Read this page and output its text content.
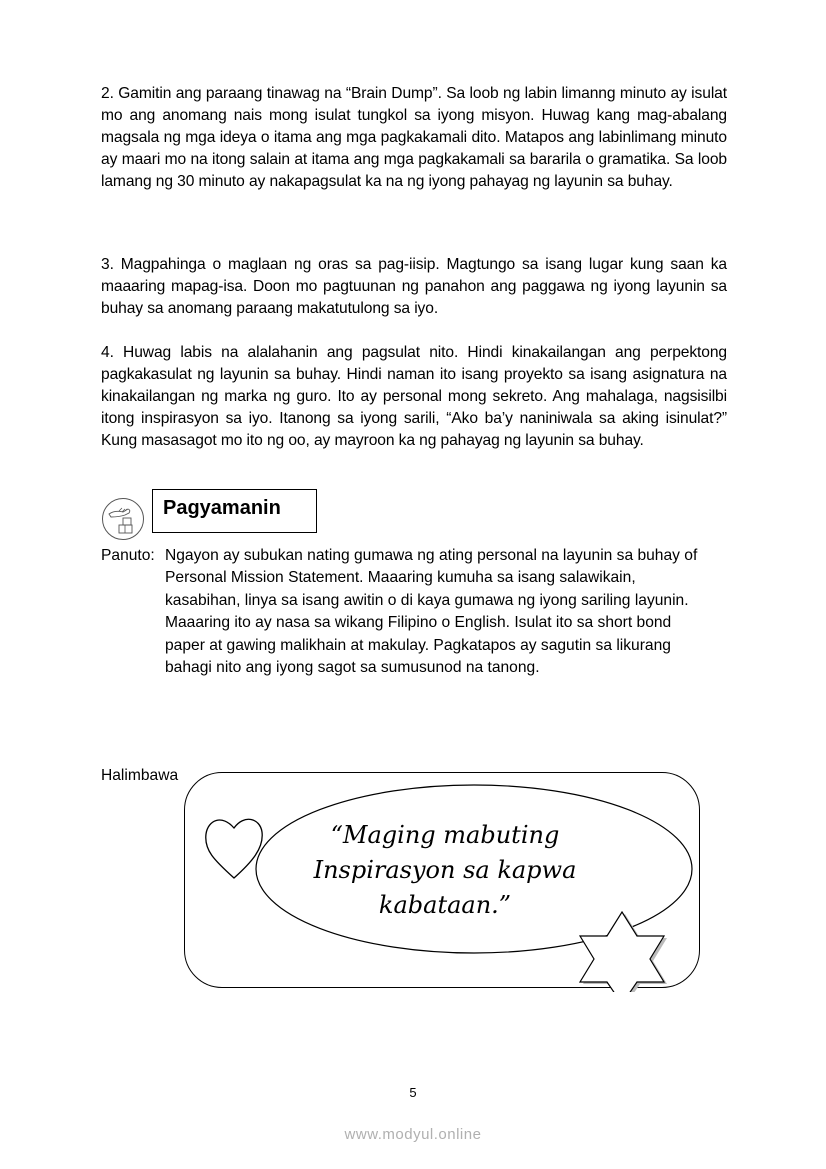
2. Gamitin ang paraang tinawag na “Brain Dump”. Sa loob ng labin limanng minuto ay isulat mo ang anomang nais mong isulat tungkol sa iyong misyon. Huwag kang mag-abalang magsala ng mga ideya o itama ang mga pagkakamali dito. Matapos ang labinlimang minuto ay maari mo na itong salain at itama ang mga pagkakamali sa bararila o gramatika. Sa loob lamang ng 30 minuto ay nakapagsulat ka na ng iyong pahayag ng layunin sa buhay.

3. Magpahinga o maglaan ng oras sa pag-iisip. Magtungo sa isang lugar kung saan ka maaaring mapag-isa. Doon mo pagtuunan ng panahon ang paggawa ng iyong layunin sa buhay sa anomang paraang makatutulong sa iyo.

4. Huwag labis na alalahanin ang pagsulat nito. Hindi kinakailangan ang perpektong pagkakasulat ng layunin sa buhay. Hindi naman ito isang proyekto sa isang asignatura na kinakailangan ng marka ng guro. Ito ay personal mong sekreto. Ang mahalaga, nagsisilbi itong inspirasyon sa iyo. Itanong sa iyong sarili, “Ako ba’y naniniwala sa aking isinulat?” Kung masasagot mo ito ng oo, ay mayroon ka ng pahayag ng layunin sa buhay.

Pagyamanin
Panuto: Ngayon ay subukan nating gumawa ng ating personal na layunin sa buhay of
Personal Mission Statement. Maaaring kumuha sa isang salawikain,
kasabihan, linya sa isang awitin o di kaya gumawa ng iyong sariling layunin.
Maaaring ito ay nasa sa wikang Filipino o English. Isulat ito sa short bond
paper at gawing malikhain at makulay. Pagkatapos ay sagutin sa likurang
bahagi nito ang iyong sagot sa sumusunod na tanong.
Halimbawa
“Maging mabuting
Inspirasyon sa kapwa
kabataan.”
5
www.modyul.online
